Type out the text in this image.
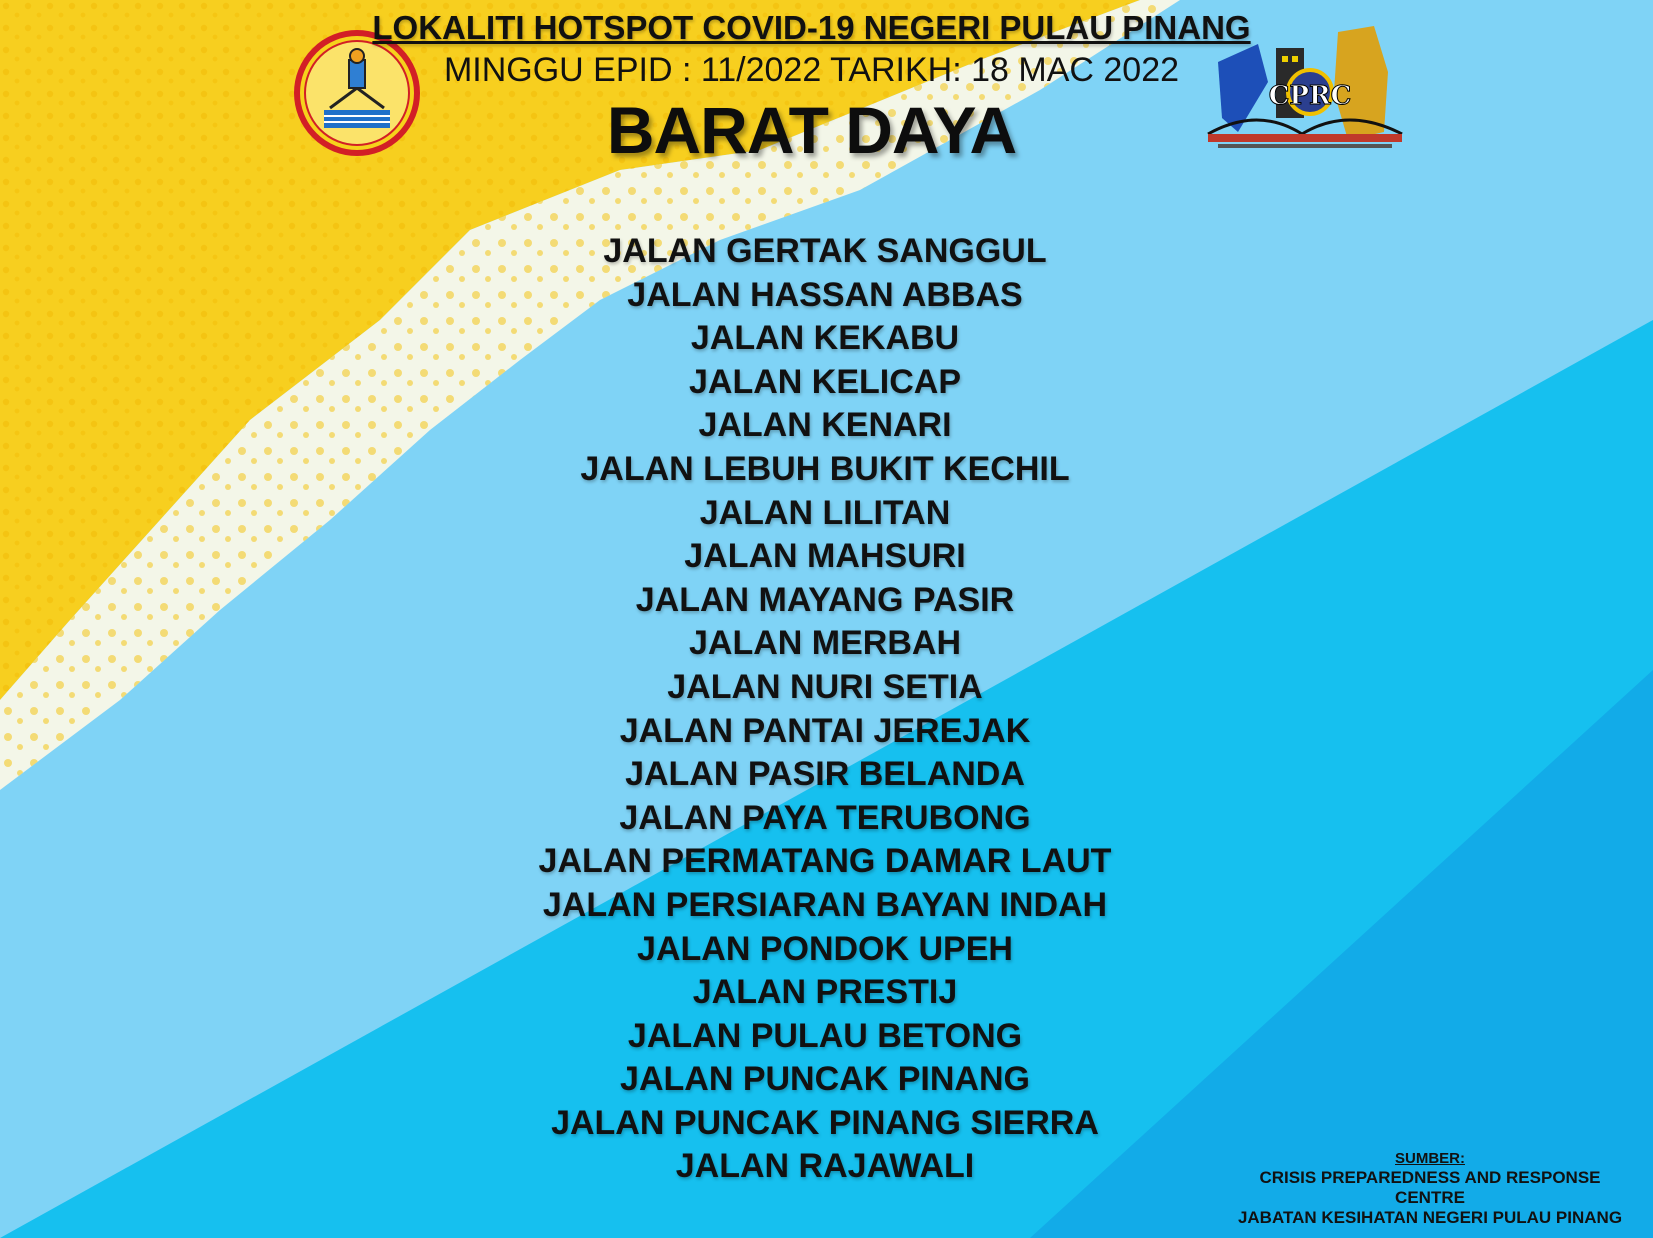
CPRC
LOKALITI HOTSPOT COVID-19 NEGERI PULAU PINANG
MINGGU EPID : 11/2022 TARIKH: 18 MAC 2022
BARAT DAYA
JALAN GERTAK SANGGUL
JALAN HASSAN ABBAS
JALAN KEKABU
JALAN KELICAP
JALAN KENARI
JALAN LEBUH BUKIT KECHIL
JALAN LILITAN
JALAN MAHSURI
JALAN MAYANG PASIR
JALAN MERBAH
JALAN NURI SETIA
JALAN PANTAI JEREJAK
JALAN PASIR BELANDA
JALAN PAYA TERUBONG
JALAN PERMATANG DAMAR LAUT
JALAN PERSIARAN BAYAN INDAH
JALAN PONDOK UPEH
JALAN PRESTIJ
JALAN PULAU BETONG
JALAN PUNCAK PINANG
JALAN PUNCAK PINANG SIERRA
JALAN RAJAWALI	SUMBER:
CRISIS PREPAREDNESS AND RESPONSE
CENTRE
JABATAN KESIHATAN NEGERI PULAU PINANG
